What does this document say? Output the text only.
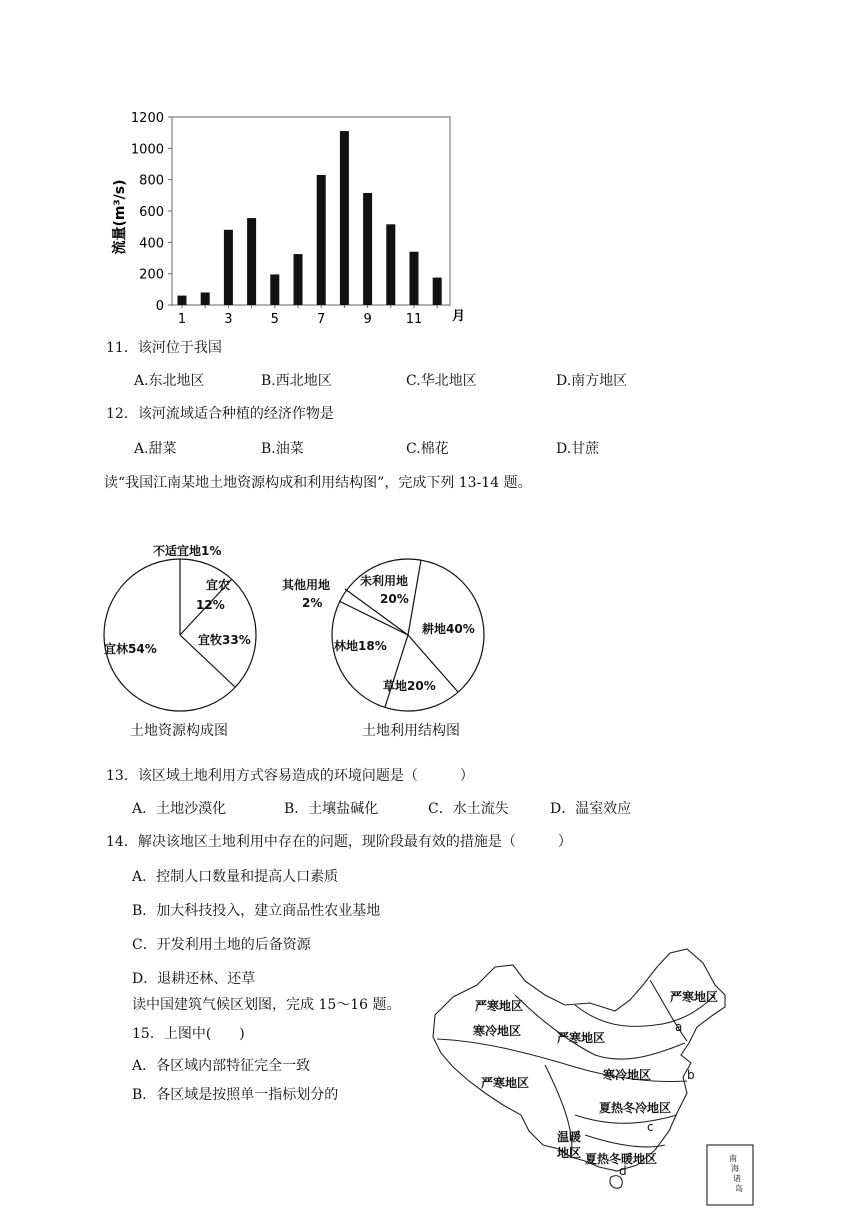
流量(m³/s)
0
200
400
600
800
1000
1200
1	3	5	7	9	11 月
11．该河位于我国
A.东北地区	B.西北地区	C.华北地区	D.南方地区
12．该河流域适合种植的经济作物是
A.甜菜	B.油菜	C.棉花	D.甘蔗
读“我国江南某地土地资源构成和利用结构图”，完成下列 13-14 题。
不适宜地1%
宜农
12%
宜牧33%
宜林54%
其他用地
2%
未利用地
20%
耕地40%
林地18%
草地20%
土地资源构成图	土地利用结构图
13．该区域土地利用方式容易造成的环境问题是（　　　）
A．土地沙漠化	B．土壤盐碱化	C．水土流失	D．温室效应
14．解决该地区土地利用中存在的问题，现阶段最有效的措施是（　　　）
A．控制人口数量和提高人口素质
B．加大科技投入，建立商品性农业基地
C．开发利用土地的后备资源
D．退耕还林、还草
读中国建筑气候区划图，完成 15～16 题。
15．上图中(　　)
A．各区域内部特征完全一致
B．各区域是按照单一指标划分的
严寒地区
寒冷地区	严寒地区
严寒地区
严寒地区
寒冷地区
夏热冬冷地区
温暖
地区 夏热冬暖地区
a
b
c
d
南
海
诸
岛
